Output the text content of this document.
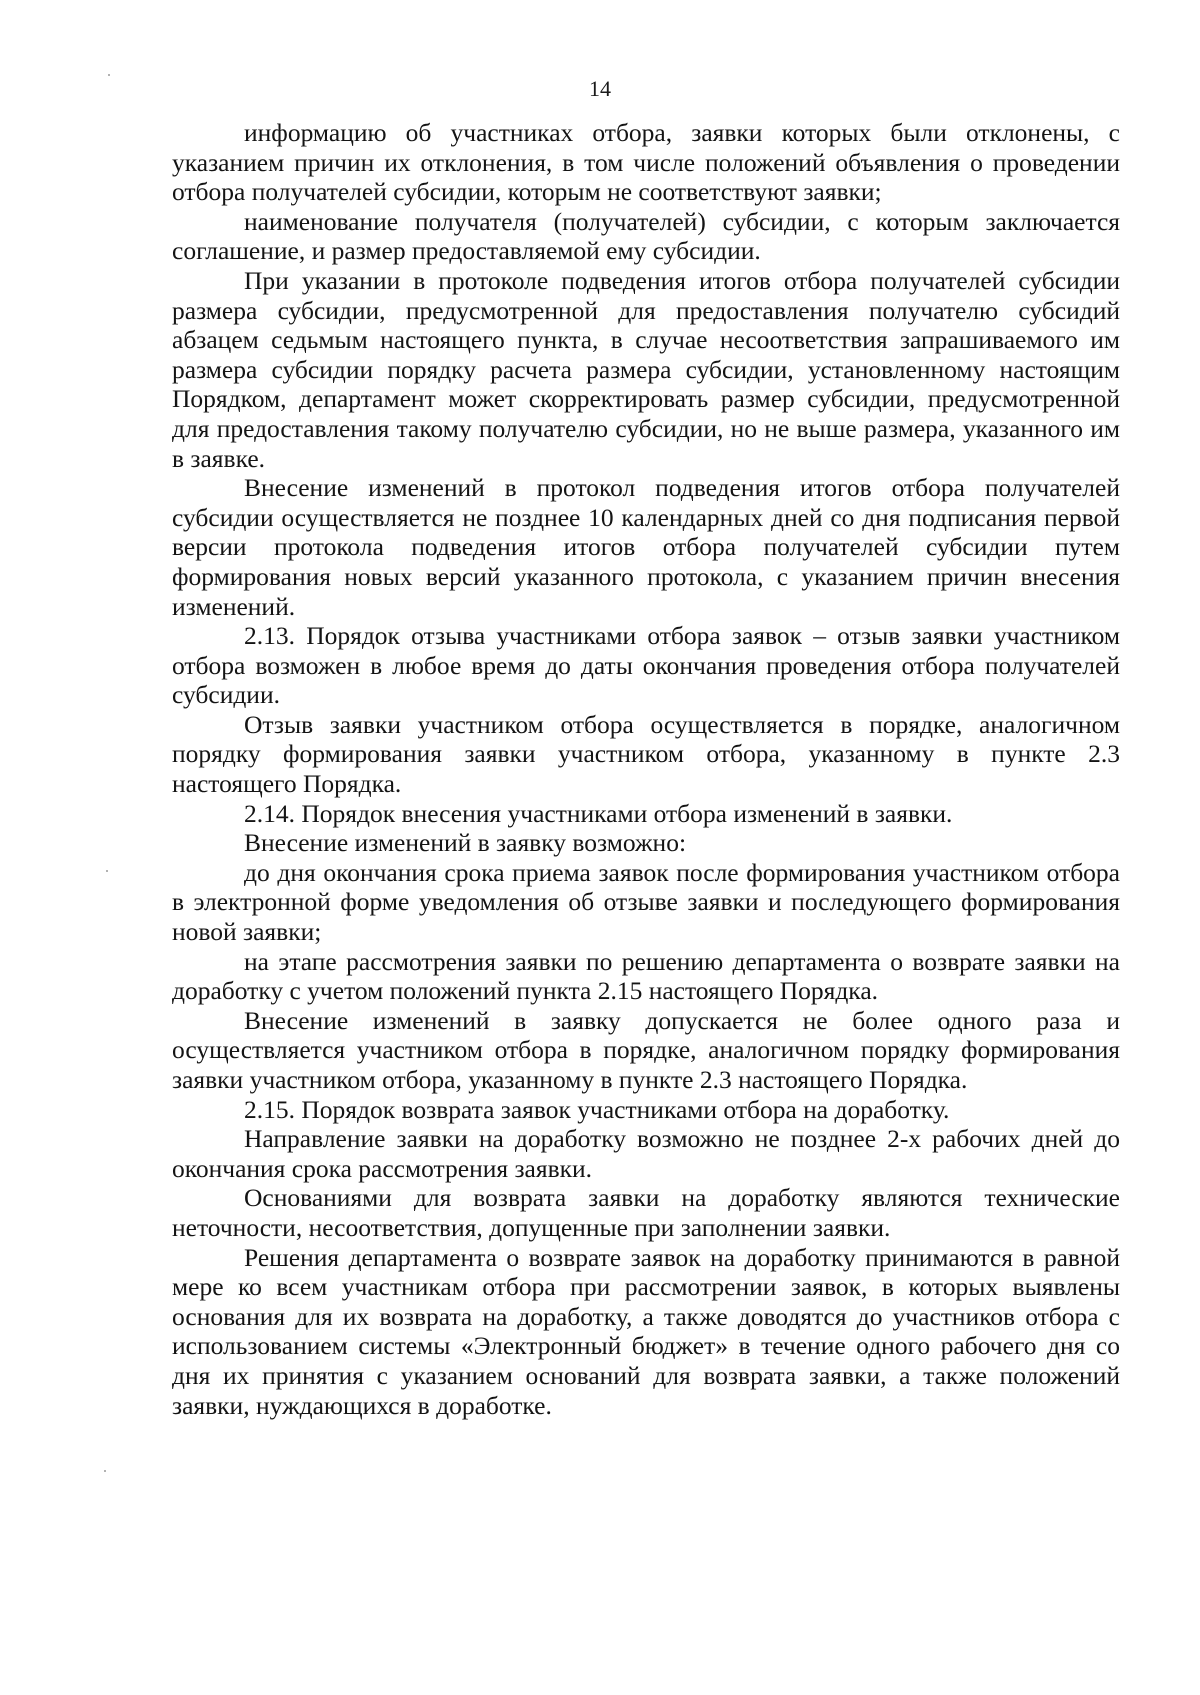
14

информацию об участниках отбора, заявки которых были отклонены, с указанием причин их отклонения, в том числе положений объявления о проведении отбора получателей субсидии, которым не соответствуют заявки;

наименование получателя (получателей) субсидии, с которым заключается соглашение, и размер предоставляемой ему субсидии.

При указании в протоколе подведения итогов отбора получателей субсидии размера субсидии, предусмотренной для предоставления получателю субсидий абзацем седьмым настоящего пункта, в случае несоответствия запрашиваемого им размера субсидии порядку расчета размера субсидии, установленному настоящим Порядком, департамент может скорректировать размер субсидии, предусмотренной для предоставления такому получателю субсидии, но не выше размера, указанного им в заявке.

Внесение изменений в протокол подведения итогов отбора получателей субсидии осуществляется не позднее 10 календарных дней со дня подписания первой версии протокола подведения итогов отбора получателей субсидии путем формирования новых версий указанного протокола, с указанием причин внесения изменений.

2.13. Порядок отзыва участниками отбора заявок – отзыв заявки участником отбора возможен в любое время до даты окончания проведения отбора получателей субсидии.

Отзыв заявки участником отбора осуществляется в порядке, аналогичном порядку формирования заявки участником отбора, указанному в пункте 2.3 настоящего Порядка.

2.14. Порядок внесения участниками отбора изменений в заявки.

Внесение изменений в заявку возможно:

до дня окончания срока приема заявок после формирования участником отбора в электронной форме уведомления об отзыве заявки и последующего формирования новой заявки;

на этапе рассмотрения заявки по решению департамента о возврате заявки на доработку с учетом положений пункта 2.15 настоящего Порядка.

Внесение изменений в заявку допускается не более одного раза и осуществляется участником отбора в порядке, аналогичном порядку формирования заявки участником отбора, указанному в пункте 2.3 настоящего Порядка.

2.15. Порядок возврата заявок участниками отбора на доработку.

Направление заявки на доработку возможно не позднее 2-х рабочих дней до окончания срока рассмотрения заявки.

Основаниями для возврата заявки на доработку являются технические неточности, несоответствия, допущенные при заполнении заявки.

Решения департамента о возврате заявок на доработку принимаются в равной мере ко всем участникам отбора при рассмотрении заявок, в которых выявлены основания для их возврата на доработку, а также доводятся до участников отбора с использованием системы «Электронный бюджет» в течение одного рабочего дня со дня их принятия с указанием оснований для возврата заявки, а также положений заявки, нуждающихся в доработке.
